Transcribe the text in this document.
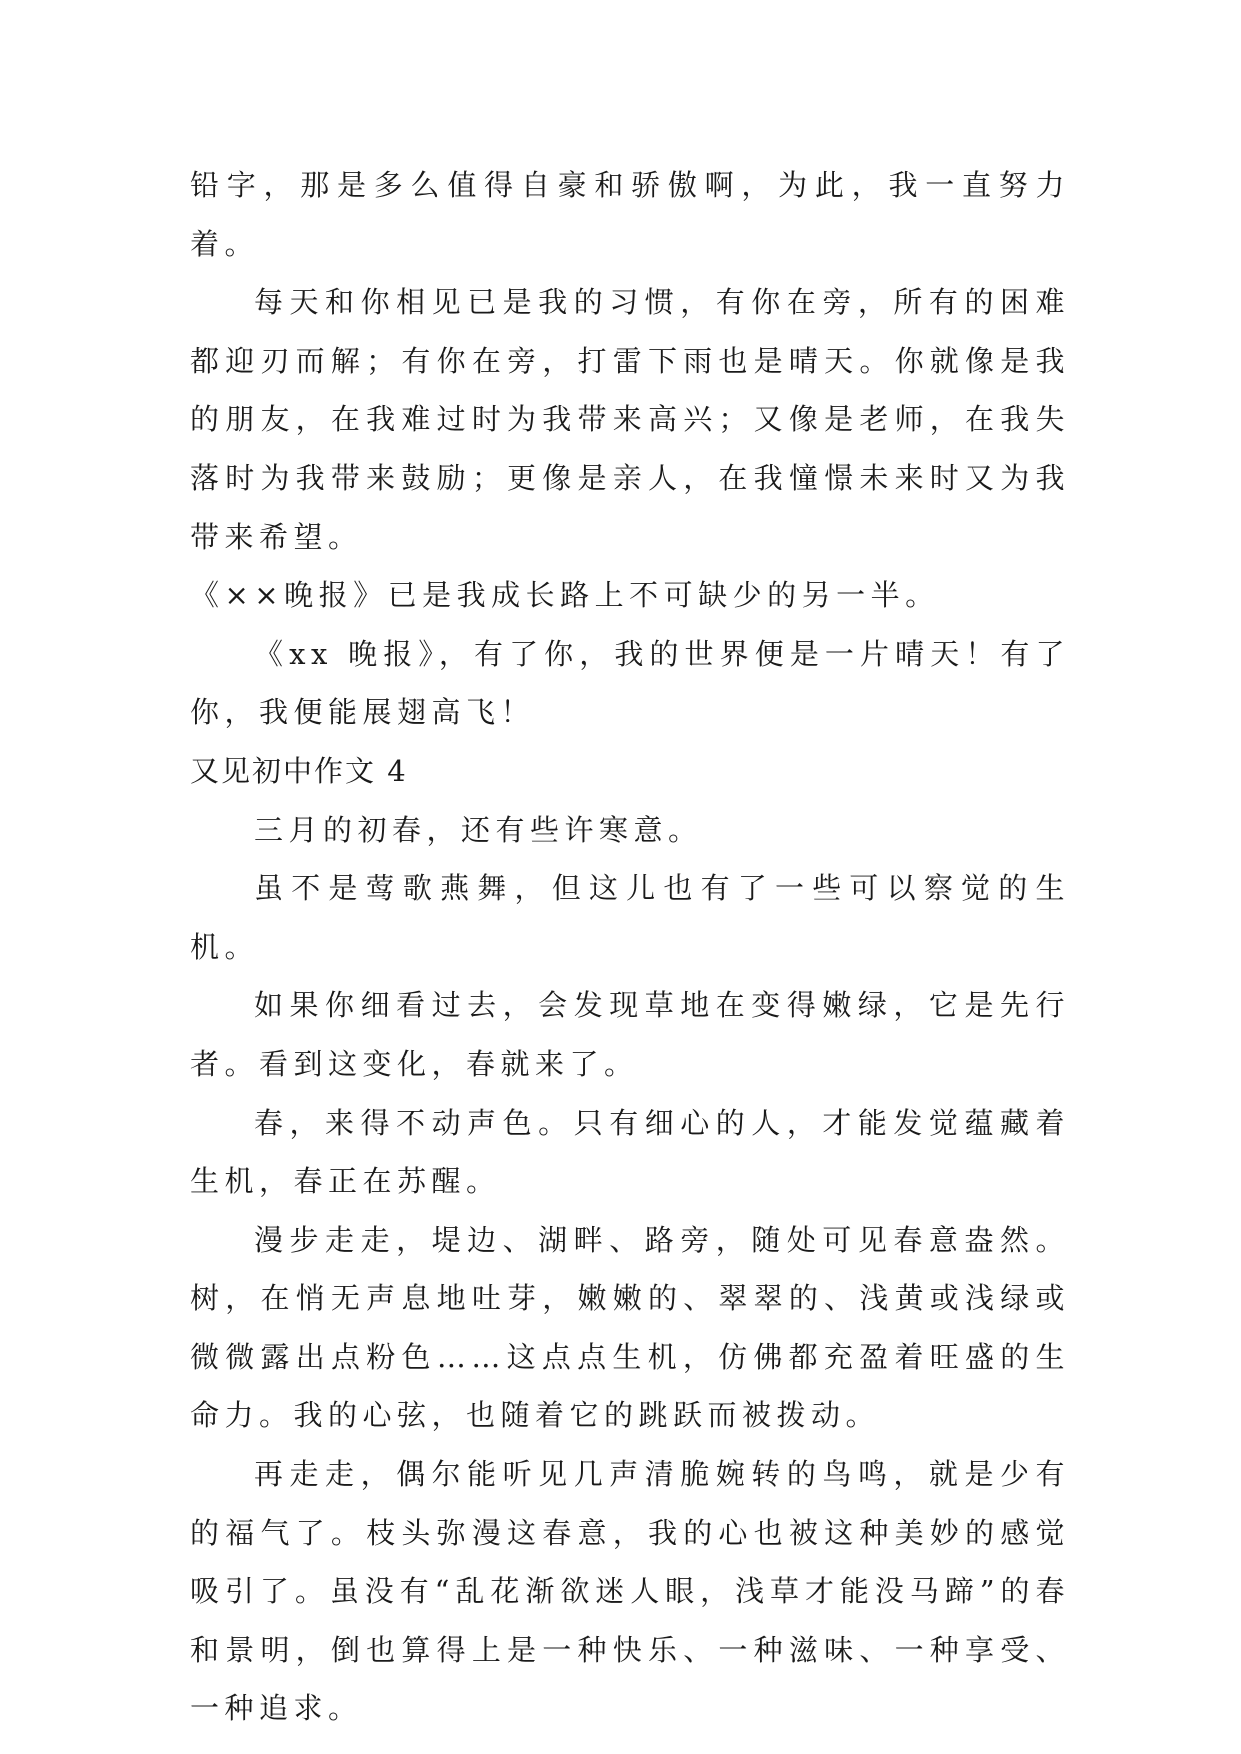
铅字，那是多么值得自豪和骄傲啊，为此，我一直努力着。

每天和你相见已是我的习惯，有你在旁，所有的困难都迎刃而解；有你在旁，打雷下雨也是晴天。你就像是我的朋友，在我难过时为我带来高兴；又像是老师，在我失落时为我带来鼓励；更像是亲人，在我憧憬未来时又为我带来希望。

《××晚报》已是我成长路上不可缺少的另一半。

《xx 晚报》，有了你，我的世界便是一片晴天！有了你，我便能展翅高飞！

又见初中作文 4

三月的初春，还有些许寒意。

虽不是莺歌燕舞，但这儿也有了一些可以察觉的生机。

如果你细看过去，会发现草地在变得嫩绿，它是先行者。看到这变化，春就来了。

春，来得不动声色。只有细心的人，才能发觉蕴藏着生机，春正在苏醒。

漫步走走，堤边、湖畔、路旁，随处可见春意盎然。树，在悄无声息地吐芽，嫩嫩的、翠翠的、浅黄或浅绿或微微露出点粉色……这点点生机，仿佛都充盈着旺盛的生命力。我的心弦，也随着它的跳跃而被拨动。

再走走，偶尔能听见几声清脆婉转的鸟鸣，就是少有的福气了。枝头弥漫这春意，我的心也被这种美妙的感觉吸引了。虽没有“乱花渐欲迷人眼，浅草才能没马蹄”的春和景明，倒也算得上是一种快乐、一种滋味、一种享受、一种追求。
